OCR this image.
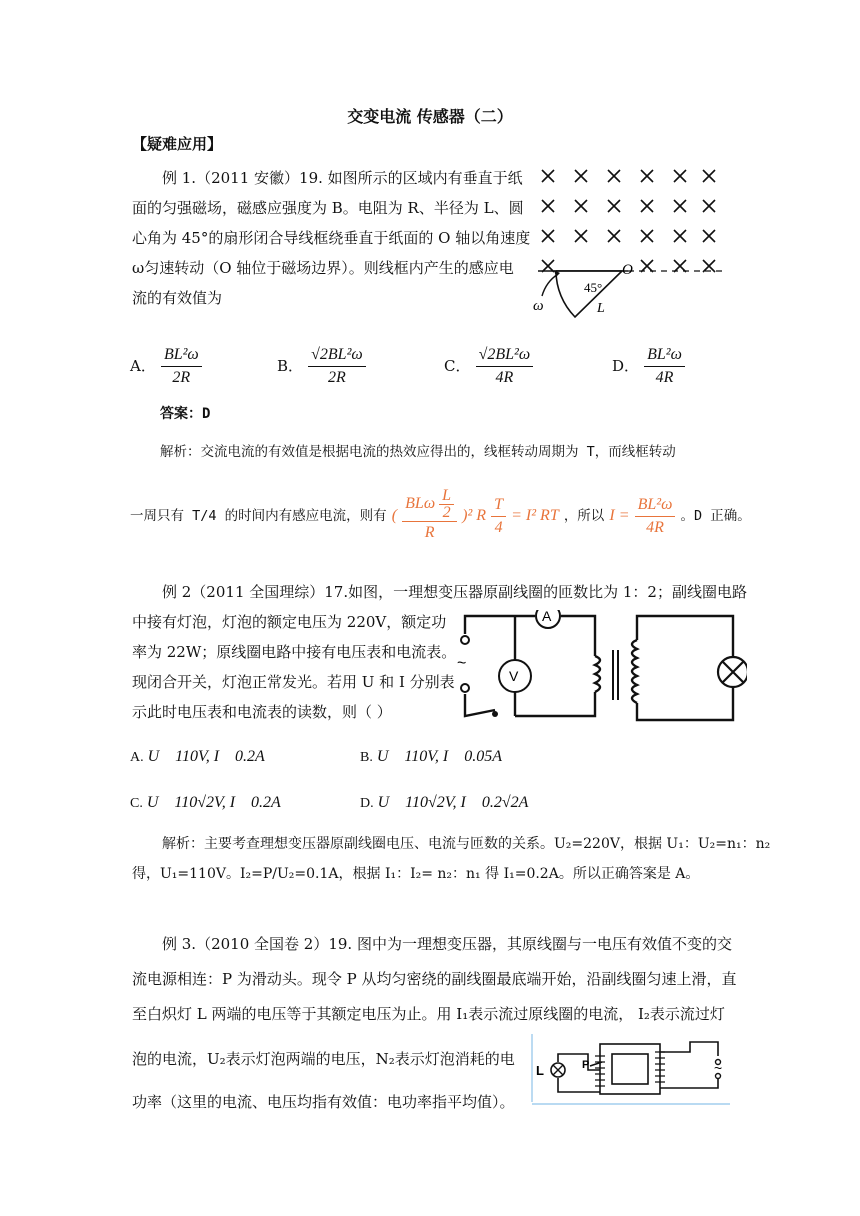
交变电流 传感器（二）
【疑难应用】
例 1.（2011 安徽）19. 如图所示的区域内有垂直于纸
面的匀强磁场，磁感应强度为 B。电阻为 R、半径为 L、圆
心角为 45°的扇形闭合导线框绕垂直于纸面的 O 轴以角速度
ω匀速转动（O 轴位于磁场边界）。则线框内产生的感应电
流的有效值为
45°
O
L
ω
A． $\frac{\text{BL²ω}}{2R}$	B． $\frac{\text{√2BL²ω}}{2R}$	C． $\frac{\text{√2BL²ω}}{4R}$	D． $\frac{\text{BL²ω}}{4R}$
答案：D
解析：交流电流的有效值是根据电流的热效应得出的，线框转动周期为 T，而线框转动
一周只有 T/4 的时间内有感应电流，则有 ( $\frac{BL\omega \frac{L}{2}}{R} )^2$ R $\frac{T}{4} = I^2$ RT ，所以 $I = \frac{\text{BL²ω}}{4R}$ 。D 正确。
例 2（2011 全国理综）17.如图，一理想变压器原副线圈的匝数比为 1：2；副线圈电路
中接有灯泡，灯泡的额定电压为 220V，额定功
率为 22W；原线圈电路中接有电压表和电流表。
现闭合开关，灯泡正常发光。若用 U 和 I 分别表
示此时电压表和电流表的读数，则（ ）
A
V
~
A. U    110V, I    0.2A	B. U    110V, I    0.05A
C. U    110√2V, I    0.2A	D. U    110√2V, I    0.2√2A
解析：主要考查理想变压器原副线圈电压、电流与匝数的关系。U₂=220V，根据 U₁：U₂=n₁：n₂
得，U₁=110V。I₂=P/U₂=0.1A，根据 I₁：I₂= n₂：n₁ 得 I₁=0.2A。所以正确答案是 A。
例 3.（2010 全国卷 2）19. 图中为一理想变压器，其原线圈与一电压有效值不变的交
流电源相连：P 为滑动头。现令 P 从均匀密绕的副线圈最底端开始，沿副线圈匀速上滑，直
至白炽灯 L 两端的电压等于其额定电压为止。用 I₁表示流过原线圈的电流， I₂表示流过灯
泡的电流，U₂表示灯泡两端的电压，N₂表示灯泡消耗的电
功率（这里的电流、电压均指有效值：电功率指平均值）。
L	P	~
